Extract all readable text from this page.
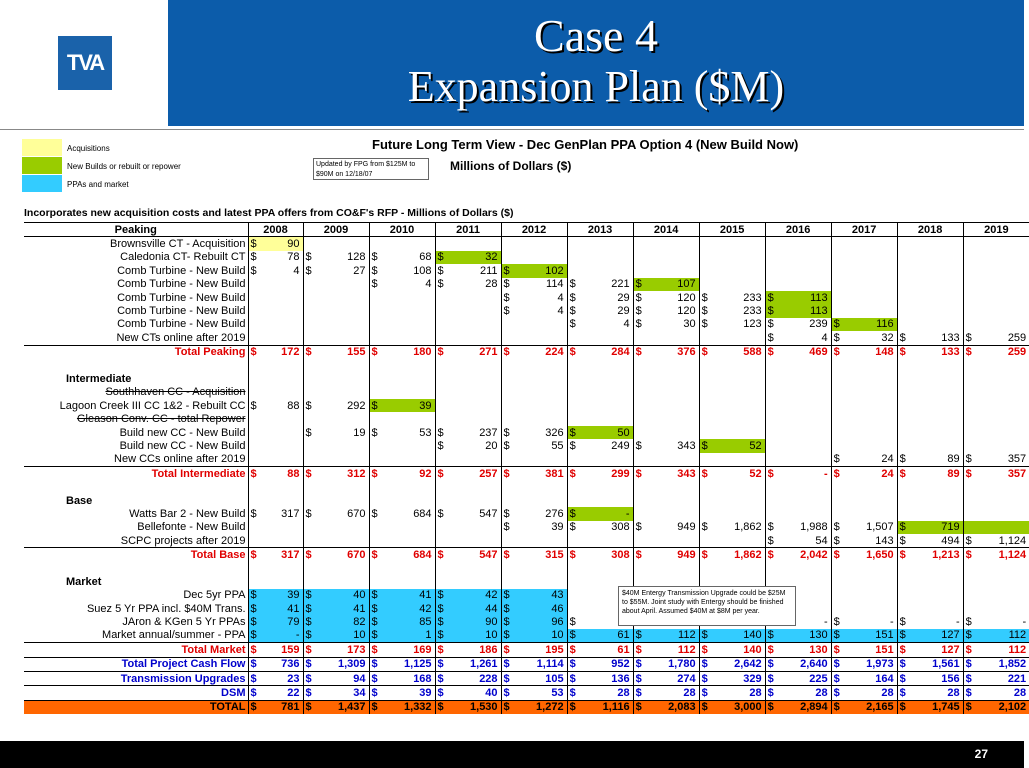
TVA
Case 4
Expansion Plan ($M)
Acquisitions
New Builds or rebuilt or repower
PPAs and market
Future Long Term View - Dec GenPlan PPA Option 4 (New Build Now)
Millions of Dollars ($)
Updated by FPG from $125M to $90M on 12/18/07
Incorporates new acquisition costs and latest PPA offers from CO&F's RFP - Millions of Dollars ($)
Peaking	2008		2009		2010		2011		2012		2013		2014		2015		2016		2017		2018		2019	
Brownsville CT - Acquisition	$	90																						
Caledonia CT- Rebuilt CT	$	78	$	128	$	68	$	32																
Comb Turbine - New Build	$	4	$	27	$	108	$	211	$	102														
Comb Turbine - New Build					$	4	$	28	$	114	$	221	$	107										
Comb Turbine - New Build									$	4	$	29	$	120	$	233	$	113						
Comb Turbine - New Build									$	4	$	29	$	120	$	233	$	113						
Comb Turbine - New Build											$	4	$	30	$	123	$	239	$	116				
New CTs online after 2019																	$	4	$	32	$	133	$	259
Total Peaking	$	172	$	155	$	180	$	271	$	224	$	284	$	376	$	588	$	469	$	148	$	133	$	259

Intermediate																								
Southhaven CC - Acquisition																								
Lagoon Creek III CC 1&2 - Rebuilt CC	$	88	$	292	$	39																		
Gleason Conv. CC - total Repower																								
Build new CC - New Build			$	19	$	53	$	237	$	326	$	50												
Build new CC - New Build							$	20	$	55	$	249	$	343	$	52								
New CCs online after 2019																			$	24	$	89	$	357
Total Intermediate	$	88	$	312	$	92	$	257	$	381	$	299	$	343	$	52	$	-	$	24	$	89	$	357

Base																								
Watts Bar 2 - New Build	$	317	$	670	$	684	$	547	$	276	$	-												
Bellefonte - New Build									$	39	$	308	$	949	$	1,862	$	1,988	$	1,507	$	719		
SCPC projects after 2019																	$	54	$	143	$	494	$	1,124
Total Base	$	317	$	670	$	684	$	547	$	315	$	308	$	949	$	1,862	$	2,042	$	1,650	$	1,213	$	1,124

Market																								
Dec 5yr PPA	$	39	$	40	$	41	$	42	$	43														
Suez 5 Yr PPA incl. $40M Trans.	$	41	$	41	$	42	$	44	$	46														
JAron & KGen 5 Yr PPAs	$	79	$	82	$	85	$	90	$	96	$							-	$	-	$	-	$	-
Market annual/summer - PPA	$	-	$	10	$	1	$	10	$	10	$	61	$	112	$	140	$	130	$	151	$	127	$	112
Total Market	$	159	$	173	$	169	$	186	$	195	$	61	$	112	$	140	$	130	$	151	$	127	$	112
Total Project Cash Flow	$	736	$	1,309	$	1,125	$	1,261	$	1,114	$	952	$	1,780	$	2,642	$	2,640	$	1,973	$	1,561	$	1,852
Transmission Upgrades	$	23	$	94	$	168	$	228	$	105	$	136	$	274	$	329	$	225	$	164	$	156	$	221
DSM	$	22	$	34	$	39	$	40	$	53	$	28	$	28	$	28	$	28	$	28	$	28	$	28
TOTAL	$	781	$	1,437	$	1,332	$	1,530	$	1,272	$	1,116	$	2,083	$	3,000	$	2,894	$	2,165	$	1,745	$	2,102
$40M Entergy Transmission Upgrade could be $25M to $55M. Joint study with Entergy should be finished about April. Assumed $40M at $8M per year.
27
